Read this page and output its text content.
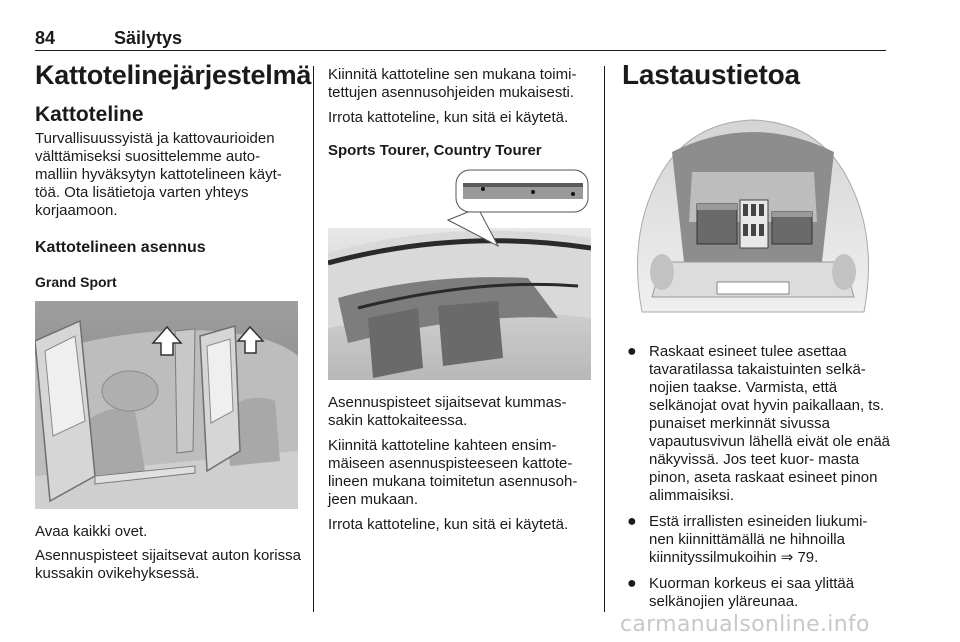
84	Säilytys
Kattotelinejärjestelmä
Kattoteline

Turvallisuussyistä ja kattovaurioiden välttämiseksi suosittelemme auto- malliin hyväksytyn kattotelineen käyt- töä. Ota lisätietoja varten yhteys korjaamoon.

Kattotelineen asennus
Grand Sport

Avaa kaikki ovet.

Asennuspisteet sijaitsevat auton korissa kussakin ovikehyksessä.

Kiinnitä kattoteline sen mukana toimi- tettujen asennusohjeiden mukaisesti.

Irrota kattoteline, kun sitä ei käytetä.

Sports Tourer, Country Tourer

Asennuspisteet sijaitsevat kummas- sakin kattokaiteessa.

Kiinnitä kattoteline kahteen ensim- mäiseen asennuspisteeseen kattote- lineen mukana toimitetun asennusoh- jeen mukaan.

Irrota kattoteline, kun sitä ei käytetä.

Lastaustietoa
● Raskaat esineet tulee asettaa tavaratilassa takaistuinten selkä- nojien taakse. Varmista, että selkänojat ovat hyvin paikallaan, ts. punaiset merkinnät sivussa vapautusvivun lähellä eivät ole enää näkyvissä. Jos teet kuor- masta pinon, aseta raskaat esineet pinon alimmaisiksi.
● Estä irrallisten esineiden liukumi- nen kiinnittämällä ne hihnoilla kiinnityssilmukoihin ⇒ 79.
● Kuorman korkeus ei saa ylittää selkänojien yläreunaa.
carmanualsonline.info
